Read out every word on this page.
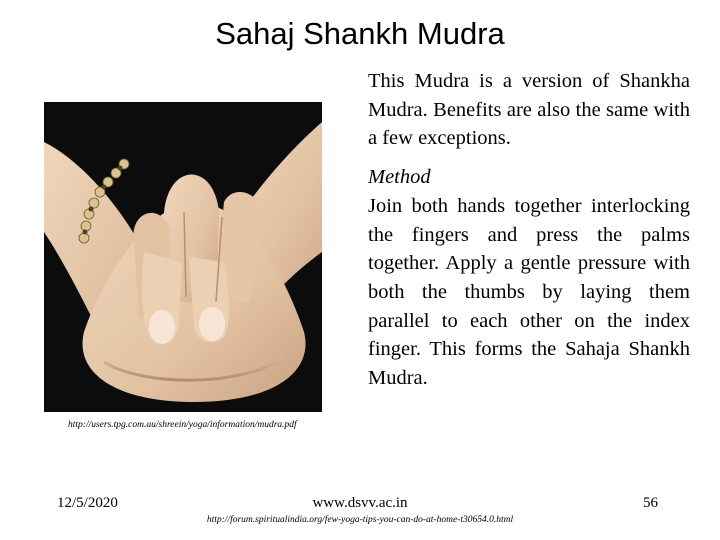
Sahaj Shankh Mudra
http://users.tpg.com.au/shreein/yoga/information/mudra.pdf

This Mudra is a version of Shankha Mudra. Benefits are also the same with a few exceptions.

Method

Join both hands together interlocking the fingers and press the palms together. Apply a gentle pressure with both the thumbs by laying them parallel to each other on the index finger. This forms the Sahaja Shankh Mudra.

12/5/2020	www.dsvv.ac.in	56
http://forum.spiritualindia.org/few-yoga-tips-you-can-do-at-home-t30654.0.html
